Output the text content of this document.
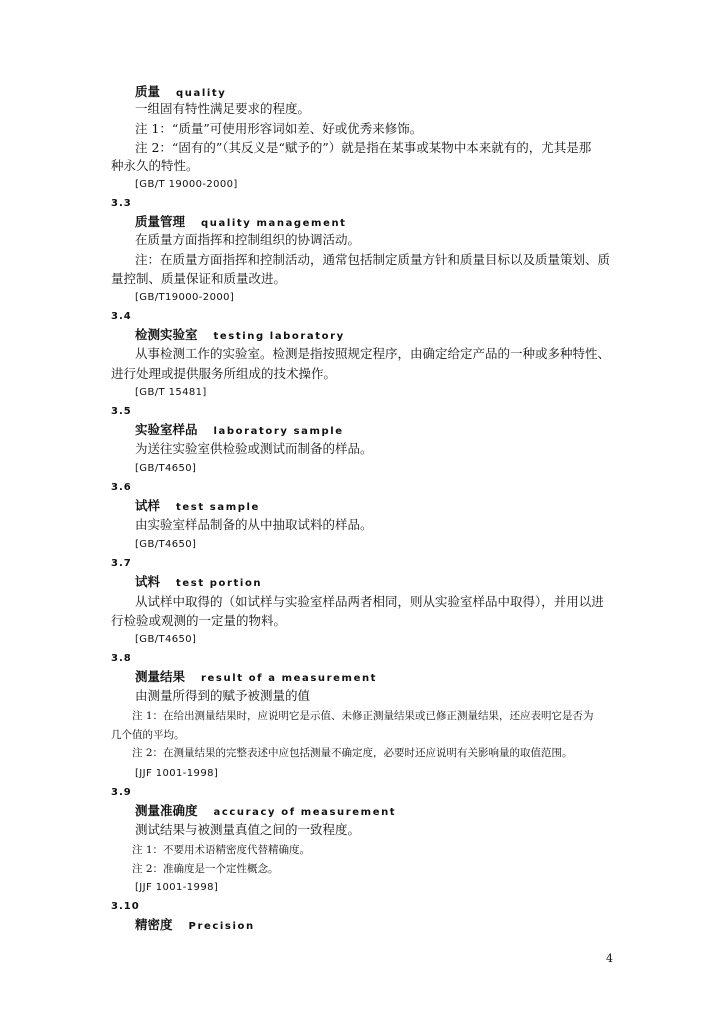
质量 quality
一组固有特性满足要求的程度。
注 1：“质量”可使用形容词如差、好或优秀来修饰。
注 2：“固有的”（其反义是“赋予的”）就是指在某事或某物中本来就有的，尤其是那
种永久的特性。
[GB/T 19000-2000]
3.3
质量管理 quality management
在质量方面指挥和控制组织的协调活动。
注：在质量方面指挥和控制活动，通常包括制定质量方针和质量目标以及质量策划、质
量控制、质量保证和质量改进。
[GB/T19000-2000]
3.4
检测实验室 testing laboratory
从事检测工作的实验室。检测是指按照规定程序，由确定给定产品的一种或多种特性、
进行处理或提供服务所组成的技术操作。
[GB/T 15481]
3.5
实验室样品 laboratory sample
为送往实验室供检验或测试而制备的样品。
[GB/T4650]
3.6
试样 test sample
由实验室样品制备的从中抽取试料的样品。
[GB/T4650]
3.7
试料 test portion
从试样中取得的（如试样与实验室样品两者相同，则从实验室样品中取得），并用以进
行检验或观测的一定量的物料。
[GB/T4650]
3.8
测量结果 result of a measurement
由测量所得到的赋予被测量的值
注 1：在给出测量结果时，应说明它是示值、未修正测量结果或已修正测量结果，还应表明它是否为
几个值的平均。
注 2：在测量结果的完整表述中应包括测量不确定度，必要时还应说明有关影响量的取值范围。
[JJF 1001-1998]
3.9
测量准确度 accuracy of measurement
测试结果与被测量真值之间的一致程度。
注 1：不要用术语精密度代替精确度。
注 2：准确度是一个定性概念。
[JJF 1001-1998]
3.10
精密度 Precision
4
